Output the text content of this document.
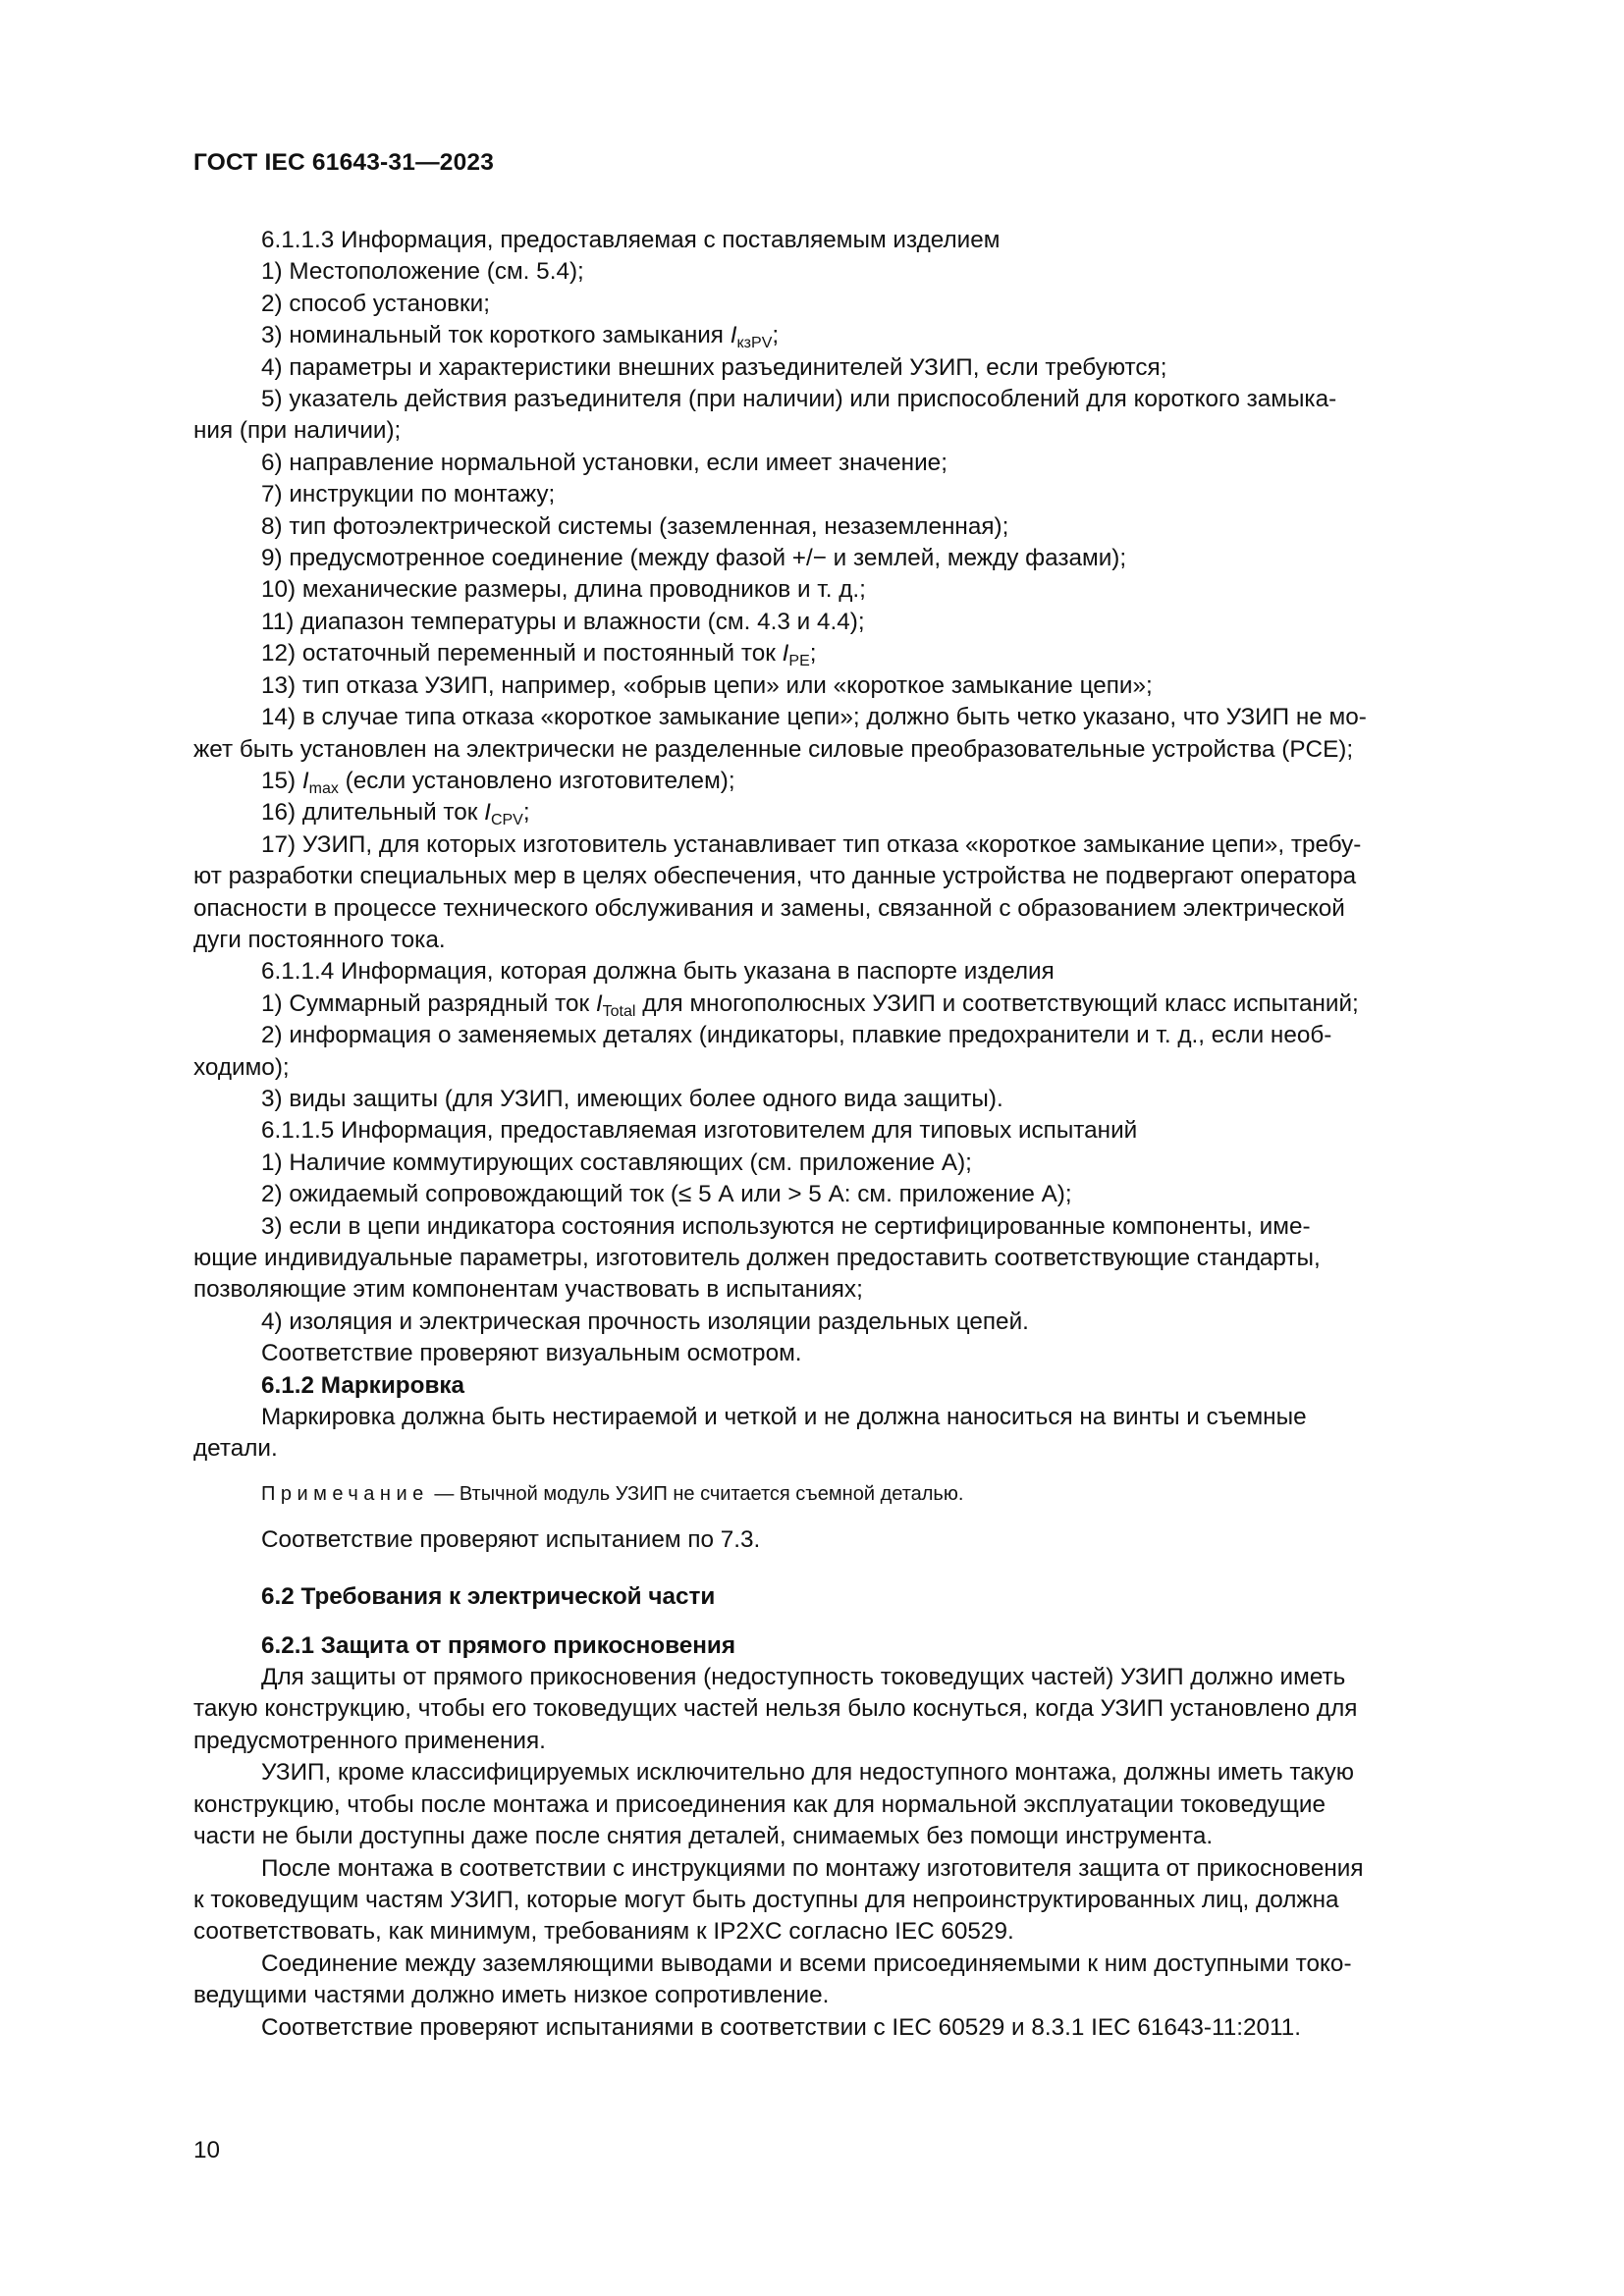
ГОСТ IEC 61643-31—2023

6.1.1.3 Информация, предоставляемая с поставляемым изделием

1) Местоположение (см. 5.4);

2) способ установки;

3) номинальный ток короткого замыкания $I_{кзPV}$;

4) параметры и характеристики внешних разъединителей УЗИП, если требуются;

5) указатель действия разъединителя (при наличии) или приспособлений для короткого замыка-

ния (при наличии);

6) направление нормальной установки, если имеет значение;

7) инструкции по монтажу;

8) тип фотоэлектрической системы (заземленная, незаземленная);

9) предусмотренное соединение (между фазой +/− и землей, между фазами);

10) механические размеры, длина проводников и т. д.;

11) диапазон температуры и влажности (см. 4.3 и 4.4);

12) остаточный переменный и постоянный ток $I_{PE}$;

13) тип отказа УЗИП, например, «обрыв цепи» или «короткое замыкание цепи»;

14) в случае типа отказа «короткое замыкание цепи»; должно быть четко указано, что УЗИП не мо-

жет быть установлен на электрически не разделенные силовые преобразовательные устройства (PCE);

15) $I_{max}$ (если установлено изготовителем);

16) длительный ток $I_{CPV}$;

17) УЗИП, для которых изготовитель устанавливает тип отказа «короткое замыкание цепи», требу-

ют разработки специальных мер в целях обеспечения, что данные устройства не подвергают оператора

опасности в процессе технического обслуживания и замены, связанной с образованием электрической

дуги постоянного тока.

6.1.1.4 Информация, которая должна быть указана в паспорте изделия

1) Суммарный разрядный ток $I_{Total}$ для многополюсных УЗИП и соответствующий класс испытаний;

2) информация о заменяемых деталях (индикаторы, плавкие предохранители и т. д., если необ-

ходимо);

3) виды защиты (для УЗИП, имеющих более одного вида защиты).

6.1.1.5 Информация, предоставляемая изготовителем для типовых испытаний

1) Наличие коммутирующих составляющих (см. приложение А);

2) ожидаемый сопровождающий ток (≤ 5 А или > 5 А: см. приложение А);

3) если в цепи индикатора состояния используются не сертифицированные компоненты, име-

ющие индивидуальные параметры, изготовитель должен предоставить соответствующие стандарты,

позволяющие этим компонентам участвовать в испытаниях;

4) изоляция и электрическая прочность изоляции раздельных цепей.

Соответствие проверяют визуальным осмотром.

6.1.2 Маркировка

Маркировка должна быть нестираемой и четкой и не должна наноситься на винты и съемные

детали.

Примечание — Втычной модуль УЗИП не считается съемной деталью.

Соответствие проверяют испытанием по 7.3.

6.2 Требования к электрической части

6.2.1 Защита от прямого прикосновения

Для защиты от прямого прикосновения (недоступность токоведущих частей) УЗИП должно иметь

такую конструкцию, чтобы его токоведущих частей нельзя было коснуться, когда УЗИП установлено для

предусмотренного применения.

УЗИП, кроме классифицируемых исключительно для недоступного монтажа, должны иметь такую

конструкцию, чтобы после монтажа и присоединения как для нормальной эксплуатации токоведущие

части не были доступны даже после снятия деталей, снимаемых без помощи инструмента.

После монтажа в соответствии с инструкциями по монтажу изготовителя защита от прикосновения

к токоведущим частям УЗИП, которые могут быть доступны для непроинструктированных лиц, должна

соответствовать, как минимум, требованиям к IP2XC согласно IEC 60529.

Соединение между заземляющими выводами и всеми присоединяемыми к ним доступными токо-

ведущими частями должно иметь низкое сопротивление.

Соответствие проверяют испытаниями в соответствии с IEC 60529 и 8.3.1 IEC 61643-11:2011.

10
